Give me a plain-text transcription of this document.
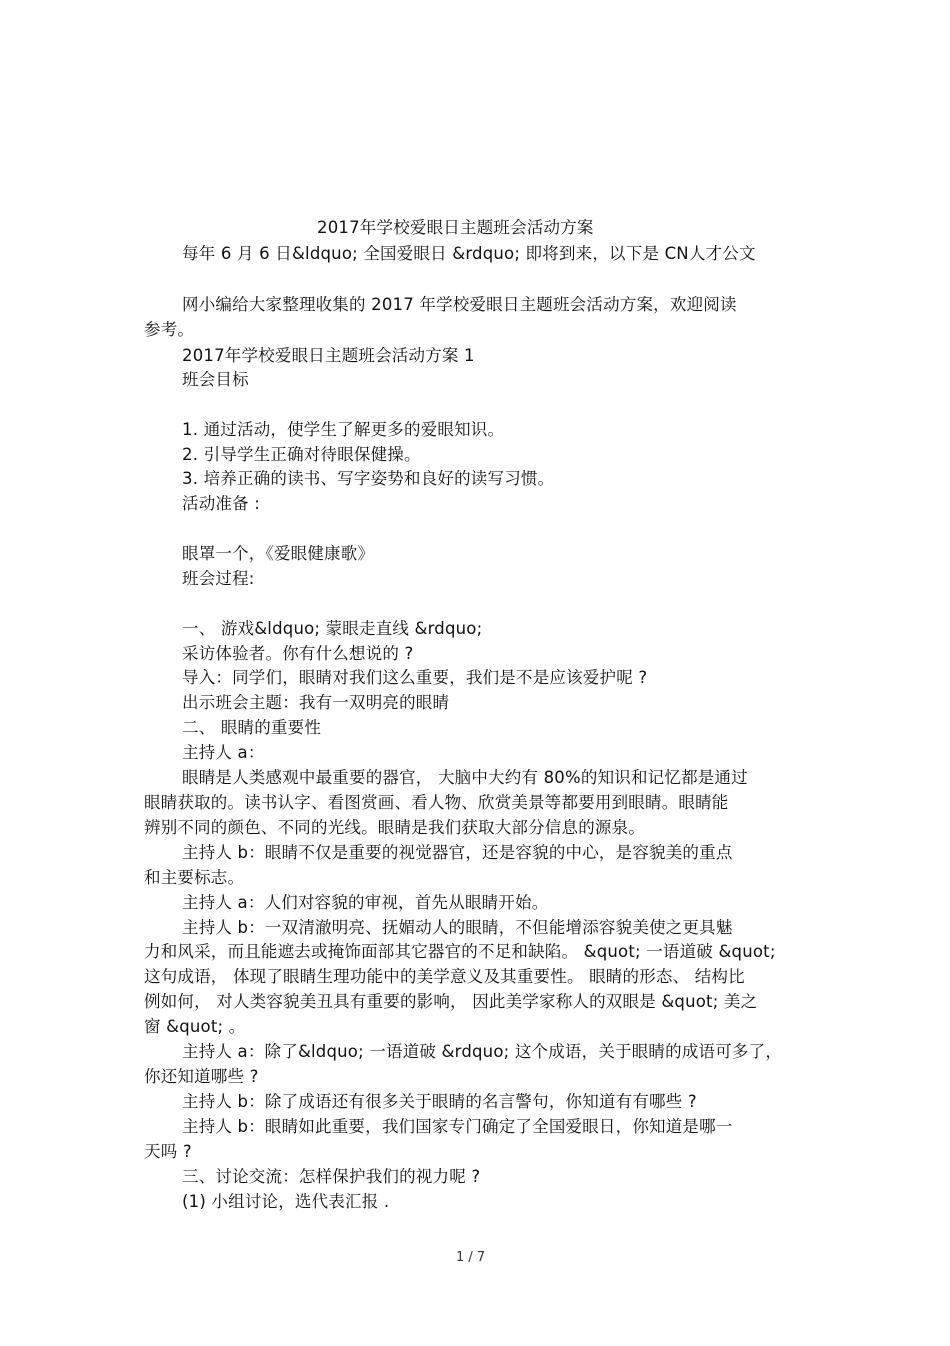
2017年学校爱眼日主题班会活动方案
每年 6 月 6 日&ldquo; 全国爱眼日 &rdquo; 即将到来，以下是 CN人才公文
网小编给大家整理收集的 2017 年学校爱眼日主题班会活动方案，欢迎阅读
参考。
2017年学校爱眼日主题班会活动方案 1
班会目标
1. 通过活动，使学生了解更多的爱眼知识。
2. 引导学生正确对待眼保健操。
3. 培养正确的读书、写字姿势和良好的读写习惯。
活动准备 :
眼罩一个，《爱眼健康歌》
班会过程:
一、 游戏&ldquo; 蒙眼走直线 &rdquo;
采访体验者。你有什么想说的 ?
导入：同学们，眼睛对我们这么重要，我们是不是应该爱护呢 ?
出示班会主题：我有一双明亮的眼睛
二、 眼睛的重要性
主持人 a：
眼睛是人类感观中最重要的器官， 大脑中大约有 80%的知识和记忆都是通过
眼睛获取的。读书认字、看图赏画、看人物、欣赏美景等都要用到眼睛。眼睛能
辨别不同的颜色、不同的光线。眼睛是我们获取大部分信息的源泉。
主持人 b：眼睛不仅是重要的视觉器官，还是容貌的中心，是容貌美的重点
和主要标志。
主持人 a：人们对容貌的审视，首先从眼睛开始。
主持人 b：一双清澈明亮、抚媚动人的眼睛，不但能增添容貌美使之更具魅
力和风采，而且能遮去或掩饰面部其它器官的不足和缺陷。 &quot; 一语道破 &quot;
这句成语， 体现了眼睛生理功能中的美学意义及其重要性。 眼睛的形态、 结构比
例如何， 对人类容貌美丑具有重要的影响， 因此美学家称人的双眼是 &quot; 美之
窗 &quot; 。
主持人 a：除了&ldquo; 一语道破 &rdquo; 这个成语，关于眼睛的成语可多了，
你还知道哪些 ?
主持人 b：除了成语还有很多关于眼睛的名言警句，你知道有有哪些 ?
主持人 b：眼睛如此重要，我们国家专门确定了全国爱眼日，你知道是哪一
天吗 ?
三、讨论交流：怎样保护我们的视力呢 ?
(1) 小组讨论，选代表汇报 .
1 / 7
